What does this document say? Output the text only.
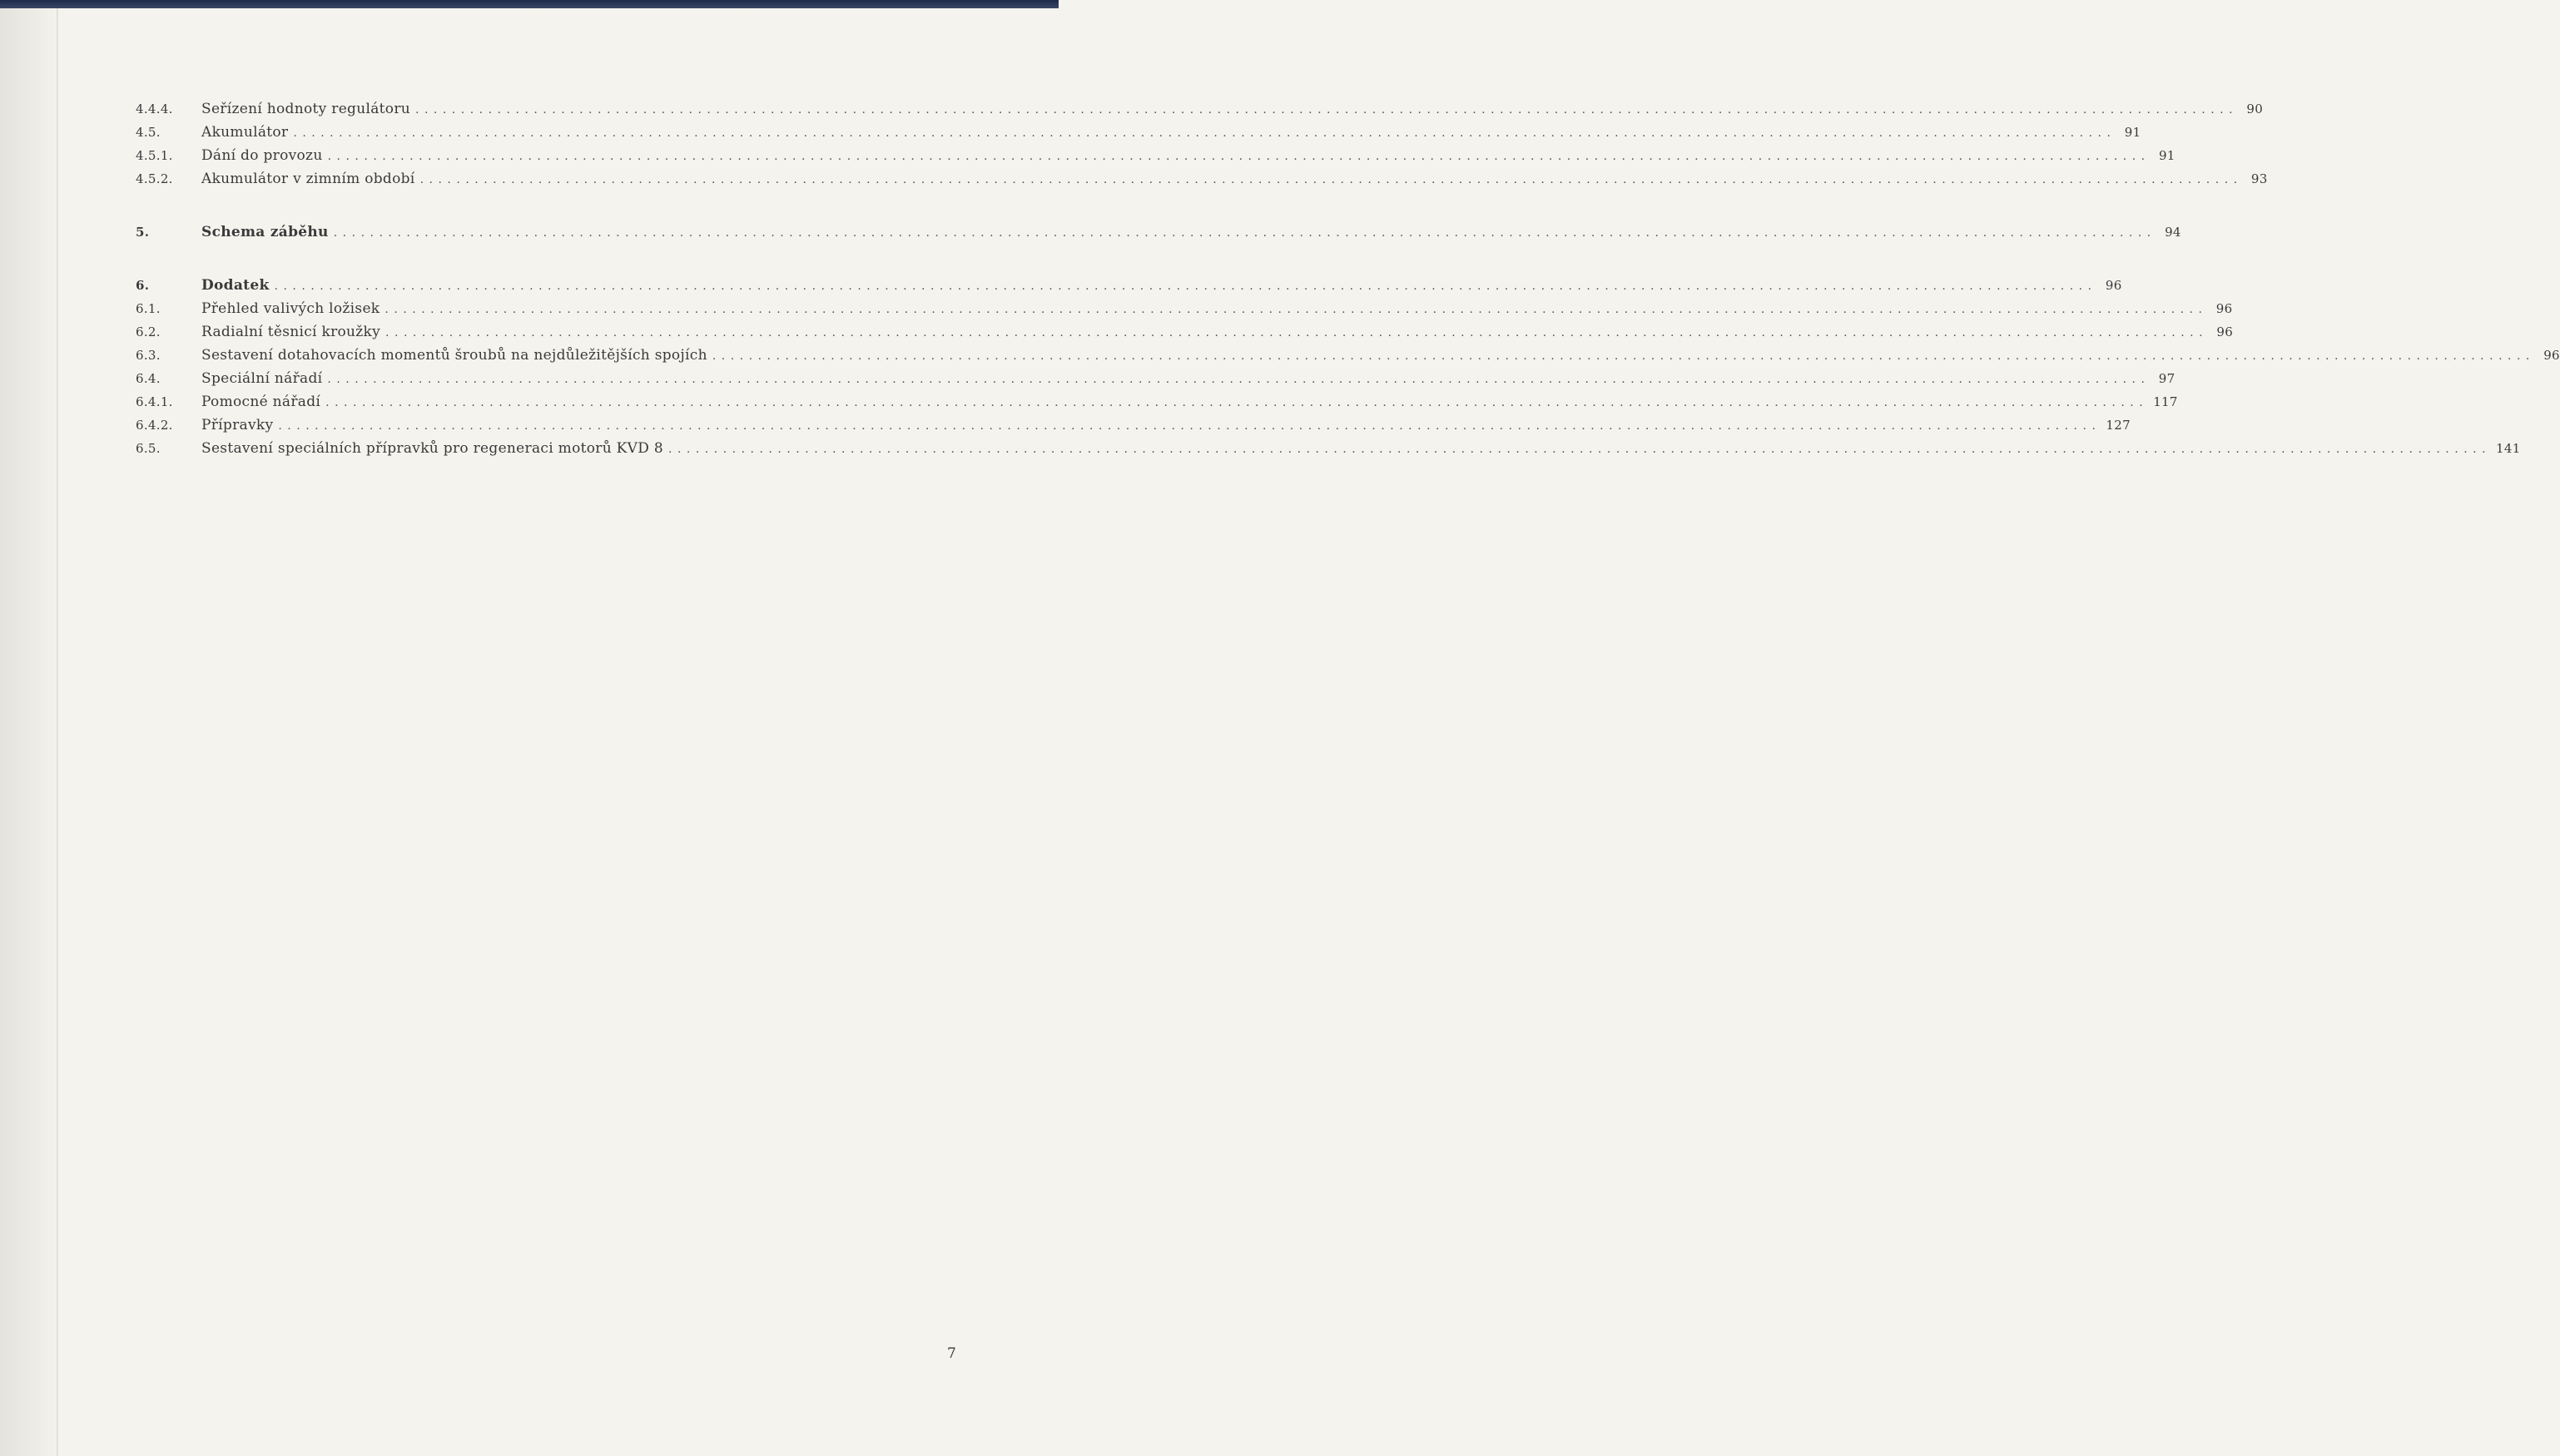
4.4.4.	Seřízení hodnoty regulátoru ........................................................................................................................................................................................................ 90
4.5.	Akumulátor ........................................................................................................................................................................................................ 91
4.5.1.	Dání do provozu ........................................................................................................................................................................................................ 91
4.5.2.	Akumulátor v zimním období ........................................................................................................................................................................................................ 93
5.	Schema záběhu ........................................................................................................................................................................................................ 94
6.	Dodatek ........................................................................................................................................................................................................ 96
6.1.	Přehled valivých ložisek ........................................................................................................................................................................................................ 96
6.2.	Radialní těsnicí kroužky ........................................................................................................................................................................................................ 96
6.3.	Sestavení dotahovacích momentů šroubů na nejdůležitějších spojích ........................................................................................................................................................................................................ 96
6.4.	Speciální nářadí ........................................................................................................................................................................................................ 97
6.4.1.	Pomocné nářadí ........................................................................................................................................................................................................ 117
6.4.2.	Přípravky ........................................................................................................................................................................................................ 127
6.5.	Sestavení speciálních přípravků pro regeneraci motorů KVD 8 ........................................................................................................................................................................................................ 141
7
